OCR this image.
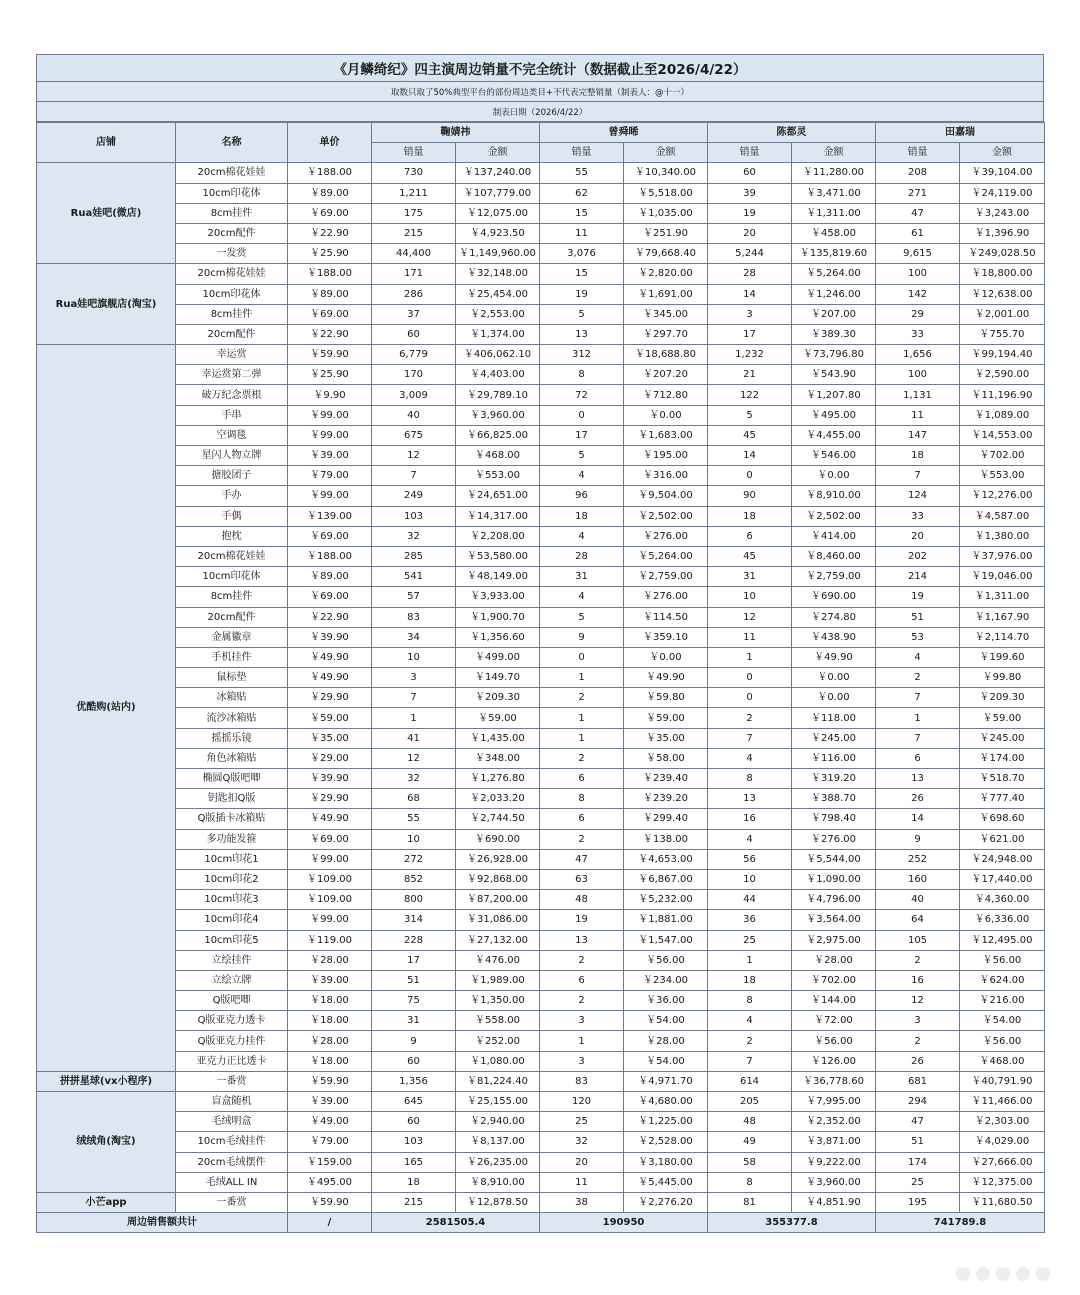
《月鳞绮纪》四主演周边销量不完全统计（数据截止至2026/4/22）
取数只取了50%典型平台的部份周边类目+不代表完整销量（制表人：@十一）
制表日期（2026/4/22）
店铺	名称	单价	鞠婧祎		曾舜晞		陈都灵		田嘉瑞	
			销量	金额	销量	金额	销量	金额	销量	金额
Rua娃吧(微店)	20cm棉花娃娃	￥188.00	730	￥137,240.00	55	￥10,340.00	60	￥11,280.00	208	￥39,104.00
	10cm印花体	￥89.00	1,211	￥107,779.00	62	￥5,518.00	39	￥3,471.00	271	￥24,119.00
	8cm挂件	￥69.00	175	￥12,075.00	15	￥1,035.00	19	￥1,311.00	47	￥3,243.00
	20cm配件	￥22.90	215	￥4,923.50	11	￥251.90	20	￥458.00	61	￥1,396.90
	一发赏	￥25.90	44,400	￥1,149,960.00	3,076	￥79,668.40	5,244	￥135,819.60	9,615	￥249,028.50
Rua娃吧旗舰店(淘宝)	20cm棉花娃娃	￥188.00	171	￥32,148.00	15	￥2,820.00	28	￥5,264.00	100	￥18,800.00
	10cm印花体	￥89.00	286	￥25,454.00	19	￥1,691.00	14	￥1,246.00	142	￥12,638.00
	8cm挂件	￥69.00	37	￥2,553.00	5	￥345.00	3	￥207.00	29	￥2,001.00
	20cm配件	￥22.90	60	￥1,374.00	13	￥297.70	17	￥389.30	33	￥755.70
优酷购(站内)	幸运赏	￥59.90	6,779	￥406,062.10	312	￥18,688.80	1,232	￥73,796.80	1,656	￥99,194.40
	幸运赏第二弹	￥25.90	170	￥4,403.00	8	￥207.20	21	￥543.90	100	￥2,590.00
	破万纪念票根	￥9.90	3,009	￥29,789.10	72	￥712.80	122	￥1,207.80	1,131	￥11,196.90
	手串	￥99.00	40	￥3,960.00	0	￥0.00	5	￥495.00	11	￥1,089.00
	空调毯	￥99.00	675	￥66,825.00	17	￥1,683.00	45	￥4,455.00	147	￥14,553.00
	星闪人物立牌	￥39.00	12	￥468.00	5	￥195.00	14	￥546.00	18	￥702.00
	搪胶团子	￥79.00	7	￥553.00	4	￥316.00	0	￥0.00	7	￥553.00
	手办	￥99.00	249	￥24,651.00	96	￥9,504.00	90	￥8,910.00	124	￥12,276.00
	手偶	￥139.00	103	￥14,317.00	18	￥2,502.00	18	￥2,502.00	33	￥4,587.00
	抱枕	￥69.00	32	￥2,208.00	4	￥276.00	6	￥414.00	20	￥1,380.00
	20cm棉花娃娃	￥188.00	285	￥53,580.00	28	￥5,264.00	45	￥8,460.00	202	￥37,976.00
	10cm印花体	￥89.00	541	￥48,149.00	31	￥2,759.00	31	￥2,759.00	214	￥19,046.00
	8cm挂件	￥69.00	57	￥3,933.00	4	￥276.00	10	￥690.00	19	￥1,311.00
	20cm配件	￥22.90	83	￥1,900.70	5	￥114.50	12	￥274.80	51	￥1,167.90
	金属徽章	￥39.90	34	￥1,356.60	9	￥359.10	11	￥438.90	53	￥2,114.70
	手机挂件	￥49.90	10	￥499.00	0	￥0.00	1	￥49.90	4	￥199.60
	鼠标垫	￥49.90	3	￥149.70	1	￥49.90	0	￥0.00	2	￥99.80
	冰箱贴	￥29.90	7	￥209.30	2	￥59.80	0	￥0.00	7	￥209.30
	流沙冰箱贴	￥59.00	1	￥59.00	1	￥59.00	2	￥118.00	1	￥59.00
	摇摇乐镜	￥35.00	41	￥1,435.00	1	￥35.00	7	￥245.00	7	￥245.00
	角色冰箱贴	￥29.00	12	￥348.00	2	￥58.00	4	￥116.00	6	￥174.00
	椭圆Q版吧唧	￥39.90	32	￥1,276.80	6	￥239.40	8	￥319.20	13	￥518.70
	钥匙扣Q版	￥29.90	68	￥2,033.20	8	￥239.20	13	￥388.70	26	￥777.40
	Q版插卡冰箱贴	￥49.90	55	￥2,744.50	6	￥299.40	16	￥798.40	14	￥698.60
	多功能发箍	￥69.00	10	￥690.00	2	￥138.00	4	￥276.00	9	￥621.00
	10cm印花1	￥99.00	272	￥26,928.00	47	￥4,653.00	56	￥5,544.00	252	￥24,948.00
	10cm印花2	￥109.00	852	￥92,868.00	63	￥6,867.00	10	￥1,090.00	160	￥17,440.00
	10cm印花3	￥109.00	800	￥87,200.00	48	￥5,232.00	44	￥4,796.00	40	￥4,360.00
	10cm印花4	￥99.00	314	￥31,086.00	19	￥1,881.00	36	￥3,564.00	64	￥6,336.00
	10cm印花5	￥119.00	228	￥27,132.00	13	￥1,547.00	25	￥2,975.00	105	￥12,495.00
	立绘挂件	￥28.00	17	￥476.00	2	￥56.00	1	￥28.00	2	￥56.00
	立绘立牌	￥39.00	51	￥1,989.00	6	￥234.00	18	￥702.00	16	￥624.00
	Q版吧唧	￥18.00	75	￥1,350.00	2	￥36.00	8	￥144.00	12	￥216.00
	Q版亚克力透卡	￥18.00	31	￥558.00	3	￥54.00	4	￥72.00	3	￥54.00
	Q版亚克力挂件	￥28.00	9	￥252.00	1	￥28.00	2	￥56.00	2	￥56.00
	亚克力正比透卡	￥18.00	60	￥1,080.00	3	￥54.00	7	￥126.00	26	￥468.00
拼拼星球(vx小程序)	一番赏	￥59.90	1,356	￥81,224.40	83	￥4,971.70	614	￥36,778.60	681	￥40,791.90
绒绒角(淘宝)	盲盒随机	￥39.00	645	￥25,155.00	120	￥4,680.00	205	￥7,995.00	294	￥11,466.00
	毛绒明盒	￥49.00	60	￥2,940.00	25	￥1,225.00	48	￥2,352.00	47	￥2,303.00
	10cm毛绒挂件	￥79.00	103	￥8,137.00	32	￥2,528.00	49	￥3,871.00	51	￥4,029.00
	20cm毛绒摆件	￥159.00	165	￥26,235.00	20	￥3,180.00	58	￥9,222.00	174	￥27,666.00
	毛绒ALL IN	￥495.00	18	￥8,910.00	11	￥5,445.00	8	￥3,960.00	25	￥12,375.00
小芒app	一番赏	￥59.90	215	￥12,878.50	38	￥2,276.20	81	￥4,851.90	195	￥11,680.50
周边销售额共计		/	2581505.4		190950		355377.8		741789.8	
